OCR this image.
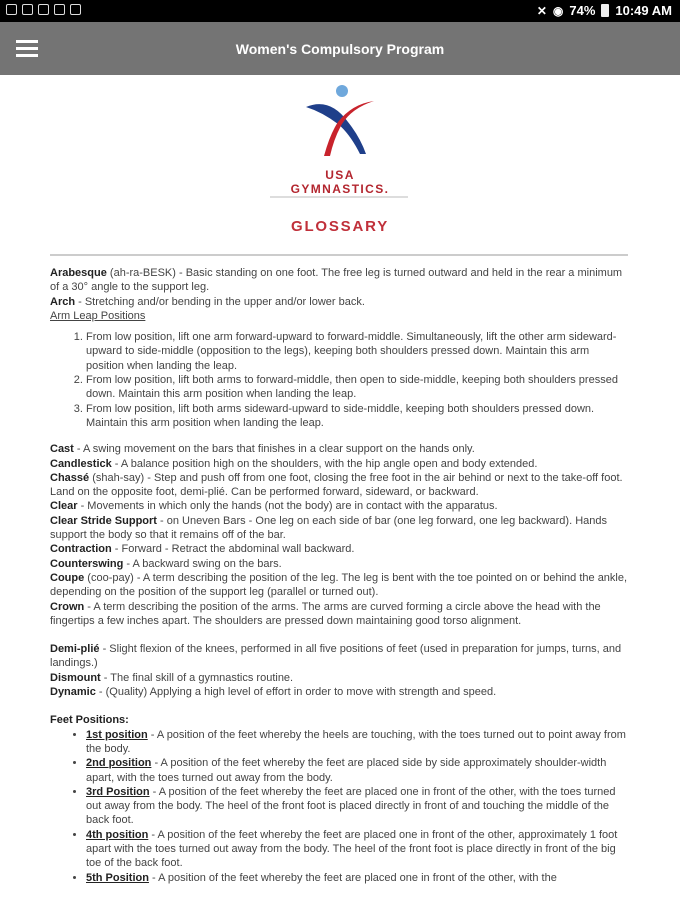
✕ ◉ 74% 10:49 AM
Women's Compulsory Program
USA GYMNASTICS.
GLOSSARY

Arabesque (ah-ra-BESK) - Basic standing on one foot. The free leg is turned outward and held in the rear a minimum of a 30° angle to the support leg.

Arch - Stretching and/or bending in the upper and/or lower back.

Arm Leap Positions

1. From low position, lift one arm forward-upward to forward-middle. Simultaneously, lift the other arm sideward-upward to side-middle (opposition to the legs), keeping both shoulders pressed down. Maintain this arm position when landing the leap.
2. From low position, lift both arms to forward-middle, then open to side-middle, keeping both shoulders pressed down. Maintain this arm position when landing the leap.
3. From low position, lift both arms sideward-upward to side-middle, keeping both shoulders pressed down. Maintain this arm position when landing the leap.

Cast - A swing movement on the bars that finishes in a clear support on the hands only.

Candlestick - A balance position high on the shoulders, with the hip angle open and body extended.

Chassé (shah-say) - Step and push off from one foot, closing the free foot in the air behind or next to the take-off foot. Land on the opposite foot, demi-plié. Can be performed forward, sideward, or backward.

Clear - Movements in which only the hands (not the body) are in contact with the apparatus.

Clear Stride Support - on Uneven Bars - One leg on each side of bar (one leg forward, one leg backward). Hands support the body so that it remains off of the bar.

Contraction - Forward - Retract the abdominal wall backward.

Counterswing - A backward swing on the bars.

Coupe (coo-pay) - A term describing the position of the leg. The leg is bent with the toe pointed on or behind the ankle, depending on the position of the support leg (parallel or turned out).

Crown - A term describing the position of the arms. The arms are curved forming a circle above the head with the fingertips a few inches apart. The shoulders are pressed down maintaining good torso alignment.

Demi-plié - Slight flexion of the knees, performed in all five positions of feet (used in preparation for jumps, turns, and landings.)

Dismount - The final skill of a gymnastics routine.

Dynamic - (Quality) Applying a high level of effort in order to move with strength and speed.

Feet Positions:

• 1st position - A position of the feet whereby the heels are touching, with the toes turned out to point away from the body.
• 2nd position - A position of the feet whereby the feet are placed side by side approximately shoulder-width apart, with the toes turned out away from the body.
• 3rd Position - A position of the feet whereby the feet are placed one in front of the other, with the toes turned out away from the body. The heel of the front foot is placed directly in front of and touching the middle of the back foot.
• 4th position - A position of the feet whereby the feet are placed one in front of the other, approximately 1 foot apart with the toes turned out away from the body. The heel of the front foot is place directly in front of the big toe of the back foot.
• 5th Position - A position of the feet whereby the feet are placed one in front of the other, with the
